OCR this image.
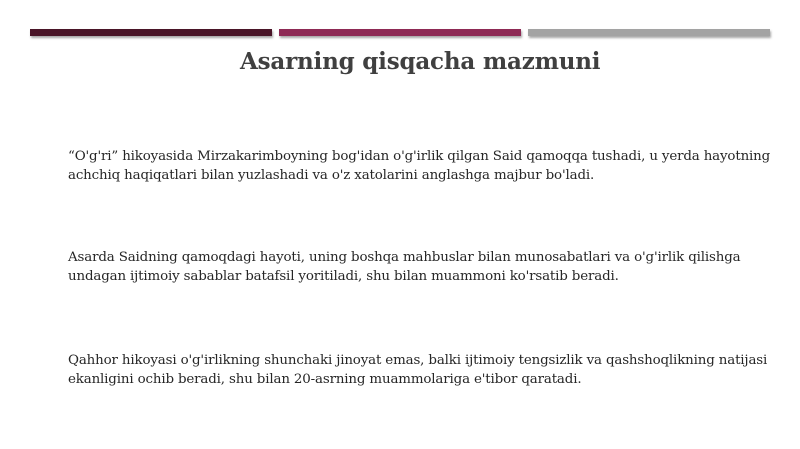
Asarning qisqacha mazmuni

“O'g'ri” hikoyasida Mirzakarimboyning bog'idan o'g'irlik qilgan Said qamoqqa tushadi, u yerda hayotning achchiq haqiqatlari bilan yuzlashadi va o'z xatolarini anglashga majbur bo'ladi.

Asarda Saidning qamoqdagi hayoti, uning boshqa mahbuslar bilan munosabatlari va o'g'irlik qilishga undagan ijtimoiy sabablar batafsil yoritiladi, shu bilan muammoni ko'rsatib beradi.

Qahhor hikoyasi o'g'irlikning shunchaki jinoyat emas, balki ijtimoiy tengsizlik va qashshoqlikning natijasi ekanligini ochib beradi, shu bilan 20-asrning muammolariga e'tibor qaratadi.
